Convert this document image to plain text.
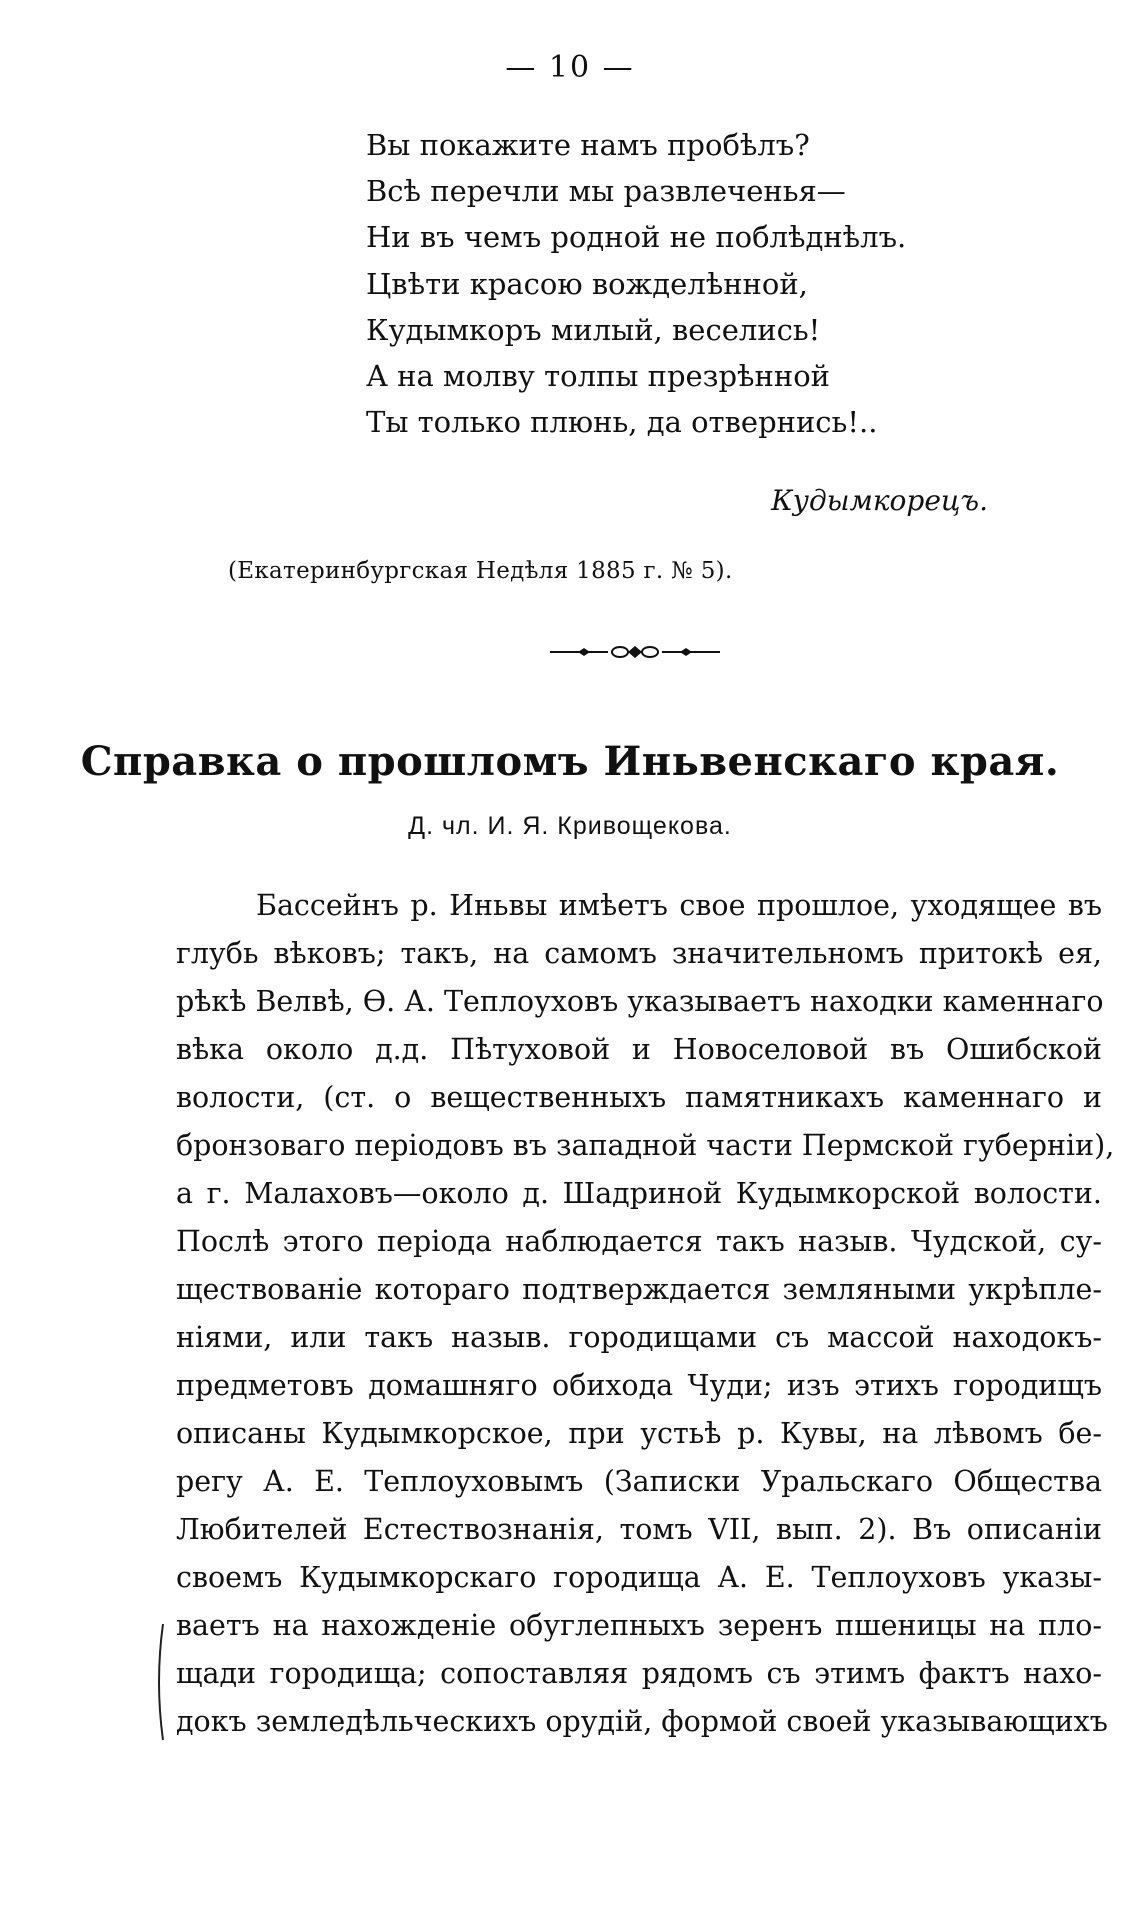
— 10 —
Вы покажите намъ пробѣлъ?
Всѣ перечли мы развлеченья—
Ни въ чемъ родной не поблѣднѣлъ.
Цвѣти красою вожделѣнной,
Кудымкоръ милый, веселись!
А на молву толпы презрѣнной
Ты только плюнь, да отвернись!..
Кудымкорецъ.
(Екатеринбургская Недѣля 1885 г. № 5).
Справка о прошломъ Иньвенскаго края.
Д. чл. И. Я. Кривощекова.
Бассейнъ р. Иньвы имѣетъ свое прошлое, уходящее въ
глубь вѣковъ; такъ, на самомъ значительномъ притокѣ ея,
рѣкѣ Велвѣ, Ѳ. А. Теплоуховъ указываетъ находки каменнаго
вѣка около д.д. Пѣтуховой и Новоселовой въ Ошибской
волости, (ст. о вещественныхъ памятникахъ каменнаго и
бронзоваго періодовъ въ западной части Пермской губерніи),
а г. Малаховъ—около д. Шадриной Кудымкорской волости.
Послѣ этого періода наблюдается такъ назыв. Чудской, су-
ществованіе котораго подтверждается земляными укрѣпле-
ніями, или такъ назыв. городищами съ массой находокъ-
предметовъ домашняго обихода Чуди; изъ этихъ городищъ
описаны Кудымкорское, при устьѣ р. Кувы, на лѣвомъ бе-
регу А. Е. Теплоуховымъ (Записки Уральскаго Общества
Любителей Естествознанія, томъ VII, вып. 2). Въ описаніи
своемъ Кудымкорскаго городища А. Е. Теплоуховъ указы-
ваетъ на нахожденіе обуглепныхъ зеренъ пшеницы на пло-
щади городища; сопоставляя рядомъ съ этимъ фактъ нахо-
докъ земледѣльческихъ орудій, формой своей указывающихъ
